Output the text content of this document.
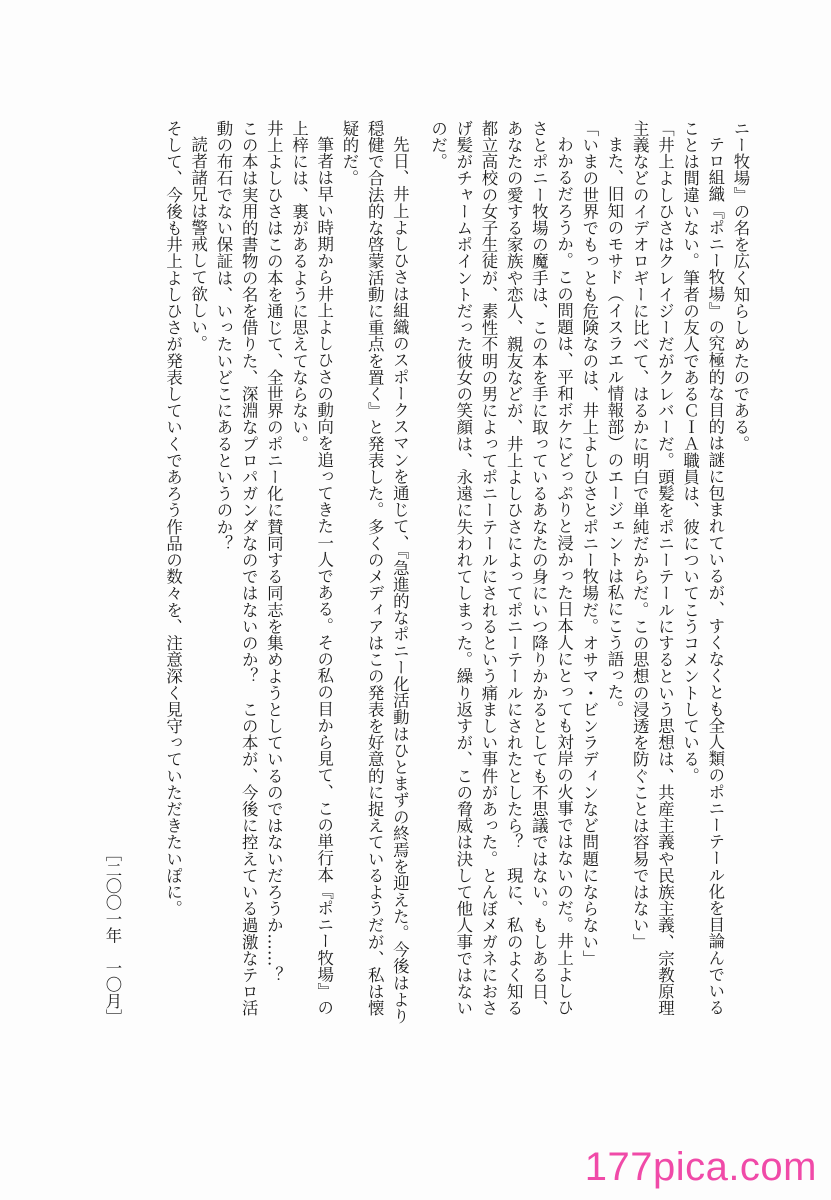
ニー牧場』の名を広く知らしめたのである。
テロ組織『ポニー牧場』の究極的な目的は謎に包まれているが、すくなくとも全人類のポニーテール化を目論んでいる
ことは間違いない。筆者の友人であるＣＩＡ職員は、彼についてこうコメントしている。
「井上よしひさはクレイジーだがクレバーだ。頭髪をポニーテールにするという思想は、共産主義や民族主義、宗教原理
主義などのイデオロギーに比べて、はるかに明白で単純だからだ。この思想の浸透を防ぐことは容易ではない」
また、旧知のモサド（イスラエル情報部）のエージェントは私にこう語った。
「いまの世界でもっとも危険なのは、井上よしひさとポニー牧場だ。オサマ・ビンラディンなど問題にならない」
わかるだろうか。この問題は、平和ボケにどっぷりと浸かった日本人にとっても対岸の火事ではないのだ。井上よしひ
さとポニー牧場の魔手は、この本を手に取っているあなたの身にいつ降りかかるとしても不思議ではない。もしある日、
あなたの愛する家族や恋人、親友などが、井上よしひさによってポニーテールにされたとしたら？　現に、私のよく知る
都立高校の女子生徒が、素性不明の男によってポニーテールにされるという痛ましい事件があった。とんぼメガネにおさ
げ髪がチャームポイントだった彼女の笑顔は、永遠に失われてしまった。繰り返すが、この脅威は決して他人事ではない
のだ。
先日、井上よしひさは組織のスポークスマンを通じて、『急進的なポニー化活動はひとまずの終焉を迎えた。今後はより
穏健で合法的な啓蒙活動に重点を置く』と発表した。多くのメディアはこの発表を好意的に捉えているようだが、私は懐
疑的だ。
筆者は早い時期から井上よしひさの動向を追ってきた一人である。その私の目から見て、この単行本『ポニー牧場』の
上梓には、裏があるように思えてならない。
井上よしひさはこの本を通じて、全世界のポニー化に賛同する同志を集めようとしているのではないだろうか……？
この本は実用的書物の名を借りた、深淵なプロパガンダなのではないのか？　この本が、今後に控えている過激なテロ活
動の布石でない保証は、いったいどこにあるというのか？
読者諸兄は警戒して欲しい。
そして、今後も井上よしひさが発表していくであろう作品の数々を、注意深く見守っていただきたいぽに。
［二〇〇一年　一〇月］
177pica.com
